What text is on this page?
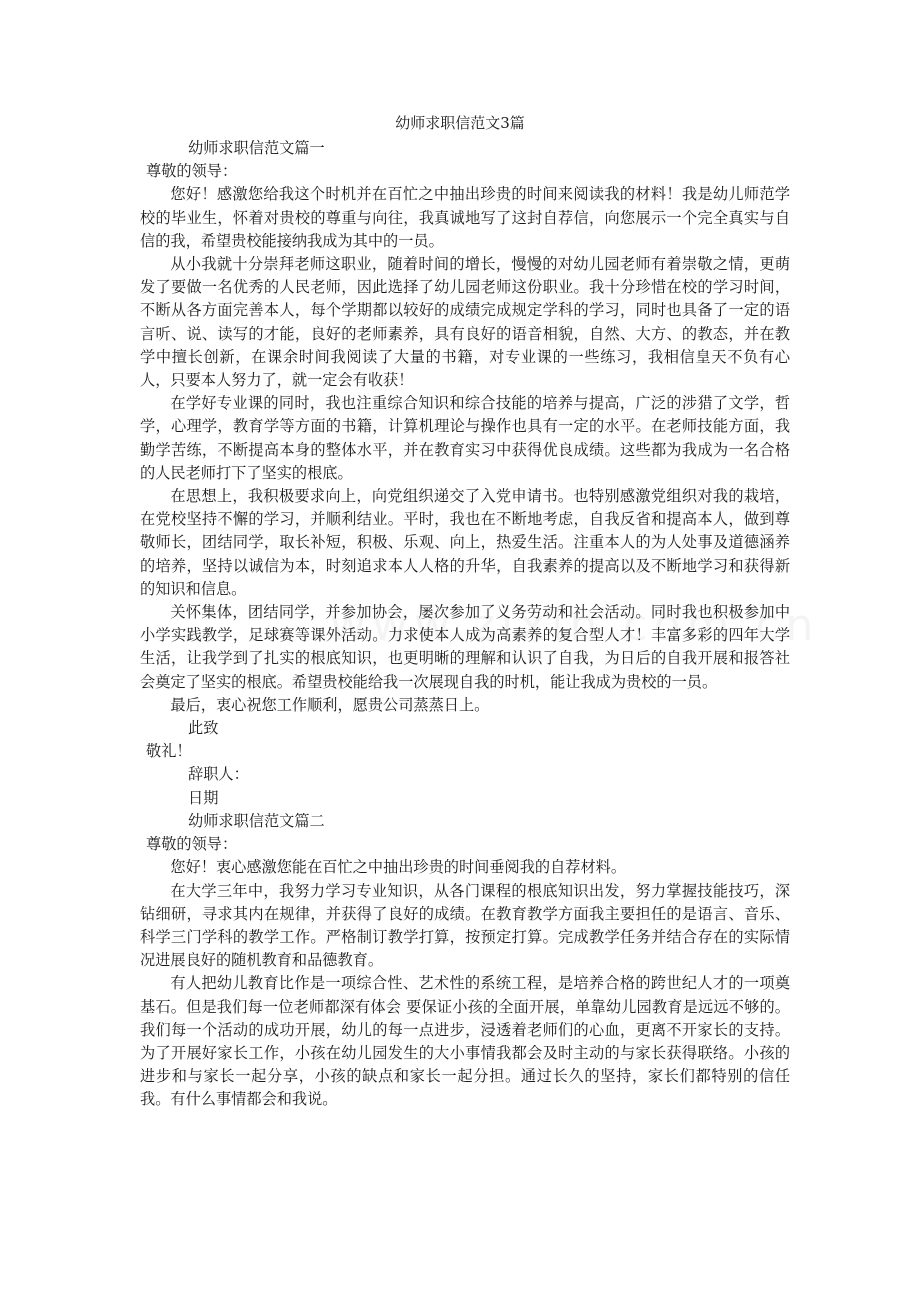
幼师求职信范文3篇
幼师求职信范文篇一
尊敬的领导：

您好！感激您给我这个时机并在百忙之中抽出珍贵的时间来阅读我的材料！我是幼儿师范学校的毕业生，怀着对贵校的尊重与向往，我真诚地写了这封自荐信，向您展示一个完全真实与自信的我，希望贵校能接纳我成为其中的一员。

从小我就十分崇拜老师这职业，随着时间的增长，慢慢的对幼儿园老师有着崇敬之情，更萌发了要做一名优秀的人民老师，因此选择了幼儿园老师这份职业。我十分珍惜在校的学习时间，不断从各方面完善本人，每个学期都以较好的成绩完成规定学科的学习，同时也具备了一定的语言听、说、读写的才能，良好的老师素养，具有良好的语音相貌，自然、大方、的教态，并在教学中擅长创新，在课余时间我阅读了大量的书籍，对专业课的一些练习，我相信皇天不负有心人，只要本人努力了，就一定会有收获！

在学好专业课的同时，我也注重综合知识和综合技能的培养与提高，广泛的涉猎了文学，哲学，心理学，教育学等方面的书籍，计算机理论与操作也具有一定的水平。在老师技能方面，我勤学苦练，不断提高本身的整体水平，并在教育实习中获得优良成绩。这些都为我成为一名合格的人民老师打下了坚实的根底。

在思想上，我积极要求向上，向党组织递交了入党申请书。也特别感激党组织对我的栽培，在党校坚持不懈的学习，并顺利结业。平时，我也在不断地考虑，自我反省和提高本人，做到尊敬师长，团结同学，取长补短，积极、乐观、向上，热爱生活。注重本人的为人处事及道德涵养的培养，坚持以诚信为本，时刻追求本人人格的升华，自我素养的提高以及不断地学习和获得新的知识和信息。

关怀集体，团结同学，并参加协会，屡次参加了义务劳动和社会活动。同时我也积极参加中小学实践教学，足球赛等课外活动。力求使本人成为高素养的复合型人才！丰富多彩的四年大学生活，让我学到了扎实的根底知识，也更明晰的理解和认识了自我，为日后的自我开展和报答社会奠定了坚实的根底。希望贵校能给我一次展现自我的时机，能让我成为贵校的一员。

最后，衷心祝您工作顺利，愿贵公司蒸蒸日上。

此致
敬礼！
辞职人：
日期
幼师求职信范文篇二
尊敬的领导：

您好！衷心感激您能在百忙之中抽出珍贵的时间垂阅我的自荐材料。

在大学三年中，我努力学习专业知识，从各门课程的根底知识出发，努力掌握技能技巧，深钻细研，寻求其内在规律，并获得了良好的成绩。在教育教学方面我主要担任的是语言、音乐、科学三门学科的教学工作。严格制订教学打算，按预定打算。完成教学任务并结合存在的实际情况进展良好的随机教育和品德教育。

有人把幼儿教育比作是一项综合性、艺术性的系统工程，是培养合格的跨世纪人才的一项奠基石。但是我们每一位老师都深有体会 要保证小孩的全面开展，单靠幼儿园教育是远远不够的。我们每一个活动的成功开展，幼儿的每一点进步，浸透着老师们的心血，更离不开家长的支持。为了开展好家长工作，小孩在幼儿园发生的大小事情我都会及时主动的与家长获得联络。小孩的进步和与家长一起分享，小孩的缺点和家长一起分担。通过长久的坚持，家长们都特别的信任我。有什么事情都会和我说。
